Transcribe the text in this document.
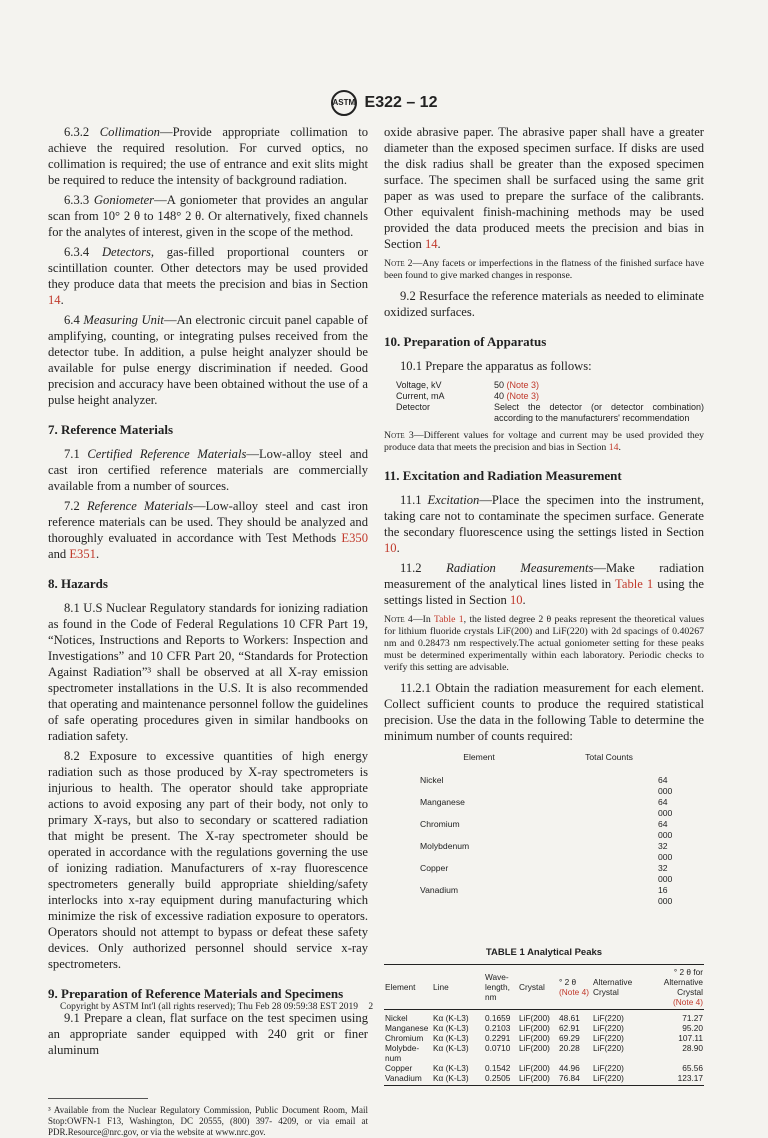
ASTM E322 – 12

6.3.2 Collimation—Provide appropriate collimation to achieve the required resolution. For curved optics, no collimation is required; the use of entrance and exit slits might be required to reduce the intensity of background radiation.

6.3.3 Goniometer—A goniometer that provides an angular scan from 10° 2 θ to 148° 2 θ. Or alternatively, fixed channels for the analytes of interest, given in the scope of the method.

6.3.4 Detectors, gas-filled proportional counters or scintillation counter. Other detectors may be used provided they produce data that meets the precision and bias in Section 14.

6.4 Measuring Unit—An electronic circuit panel capable of amplifying, counting, or integrating pulses received from the detector tube. In addition, a pulse height analyzer should be available for pulse energy discrimination if needed. Good precision and accuracy have been obtained without the use of a pulse height analyzer.

7. Reference Materials

7.1 Certified Reference Materials—Low-alloy steel and cast iron certified reference materials are commercially available from a number of sources.

7.2 Reference Materials—Low-alloy steel and cast iron reference materials can be used. They should be analyzed and thoroughly evaluated in accordance with Test Methods E350 and E351.

8. Hazards

8.1 U.S Nuclear Regulatory standards for ionizing radiation as found in the Code of Federal Regulations 10 CFR Part 19, “Notices, Instructions and Reports to Workers: Inspection and Investigations” and 10 CFR Part 20, “Standards for Protection Against Radiation”³ shall be observed at all X-ray emission spectrometer installations in the U.S. It is also recommended that operating and maintenance personnel follow the guidelines of safe operating procedures given in similar handbooks on radiation safety.

8.2 Exposure to excessive quantities of high energy radiation such as those produced by X-ray spectrometers is injurious to health. The operator should take appropriate actions to avoid exposing any part of their body, not only to primary X-rays, but also to secondary or scattered radiation that might be present. The X-ray spectrometer should be operated in accordance with the regulations governing the use of ionizing radiation. Manufacturers of x-ray fluorescence spectrometers generally build appropriate shielding/safety interlocks into x-ray equipment during manufacturing which minimize the risk of excessive radiation exposure to operators. Operators should not attempt to bypass or defeat these safety devices. Only authorized personnel should service x-ray spectrometers.

9. Preparation of Reference Materials and Specimens

9.1 Prepare a clean, flat surface on the test specimen using an appropriate sander equipped with 240 grit or finer aluminum

³ Available from the Nuclear Regulatory Commission, Public Document Room, Mail Stop:OWFN-1 F13, Washington, DC 20555, (800) 397- 4209, or via email at PDR.Resource@nrc.gov, or via the website at www.nrc.gov.

oxide abrasive paper. The abrasive paper shall have a greater diameter than the exposed specimen surface. If disks are used the disk radius shall be greater than the exposed specimen surface. The specimen shall be surfaced using the same grit paper as was used to prepare the surface of the calibrants. Other equivalent finish-machining methods may be used provided the data produced meets the precision and bias in Section 14.

Note 2—Any facets or imperfections in the flatness of the finished surface have been found to give marked changes in response.

9.2 Resurface the reference materials as needed to eliminate oxidized surfaces.

10. Preparation of Apparatus

10.1 Prepare the apparatus as follows:

Voltage, kV	50 (Note 3)
Current, mA	40 (Note 3)
Detector	Select the detector (or detector combination) according to the manufacturers' recommendation
Note 3—Different values for voltage and current may be used provided they produce data that meets the precision and bias in Section 14.
11. Excitation and Radiation Measurement

11.1 Excitation—Place the specimen into the instrument, taking care not to contaminate the specimen surface. Generate the secondary fluorescence using the settings listed in Section 10.

11.2 Radiation Measurements—Make radiation measurement of the analytical lines listed in Table 1 using the settings listed in Section 10.

Note 4—In Table 1, the listed degree 2 θ peaks represent the theoretical values for lithium fluoride crystals LiF(200) and LiF(220) with 2d spacings of 0.40267 nm and 0.28473 nm respectively.The actual goniometer setting for these peaks must be determined experimentally within each laboratory. Periodic checks to verify this setting are advisable.

11.2.1 Obtain the radiation measurement for each element. Collect sufficient counts to produce the required statistical precision. Use the data in the following Table to determine the minimum number of counts required:

Element	Total Counts
Nickel	64 000
Manganese	64 000
Chromium	64 000
Molybdenum	32 000
Copper	32 000
Vanadium	16 000
TABLE 1 Analytical Peaks
Element	Line	Wave-length, nm	Crystal	° 2 θ
(Note 4)	Alternative Crystal	° 2 θ for Alternative Crystal
(Note 4)
Nickel	Kα (K-L3)	0.1659	LiF(200)	48.61	LiF(220)	71.27
Manganese	Kα (K-L3)	0.2103	LiF(200)	62.91	LiF(220)	95.20
Chromium	Kα (K-L3)	0.2291	LiF(200)	69.29	LiF(220)	107.11
Molybde-num	Kα (K-L3)	0.0710	LiF(200)	20.28	LiF(220)	28.90
Copper	Kα (K-L3)	0.1542	LiF(200)	44.96	LiF(220)	65.56
Vanadium	Kα (K-L3)	0.2505	LiF(200)	76.84	LiF(220)	123.17
Copyright by ASTM Int'l (all rights reserved); Thu Feb 28 09:59:38 EST 2019 2
